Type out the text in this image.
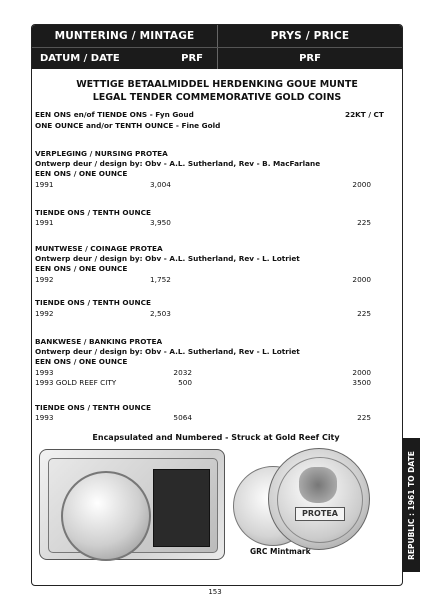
MUNTERING / MINTAGE
DATUM / DATE	PRF
PRYS / PRICE
PRF
WETTIGE BETAALMIDDEL HERDENKING GOUE MUNTE
LEGAL TENDER COMMEMORATIVE GOLD COINS
EEN ONS en/of TIENDE ONS - Fyn Goud
ONE OUNCE and/or TENTH OUNCE - Fine Gold
22KT / CT
VERPLEGING / NURSING PROTEA
Ontwerp deur / design by: Obv - A.L. Sutherland, Rev - B. MacFarlane
EEN ONS / ONE OUNCE
1991	3,004	2000
TIENDE ONS / TENTH OUNCE
1991	3,950	225
MUNTWESE / COINAGE PROTEA
Ontwerp deur / design by: Obv - A.L. Sutherland, Rev - L. Lotriet
EEN ONS / ONE OUNCE
1992	1,752	2000
TIENDE ONS / TENTH OUNCE
1992	2,503	225
BANKWESE / BANKING PROTEA
Ontwerp deur / design by: Obv - A.L. Sutherland, Rev - L. Lotriet
EEN ONS / ONE OUNCE
1993	2032	2000
1993 GOLD REEF CITY	500	3500
TIENDE ONS / TENTH OUNCE
1993	5064	225
Encapsulated and Numbered - Struck at Gold Reef City
PROTEA
GRC Mintmark	REPUBLIC : 1961 TO DATE
153
